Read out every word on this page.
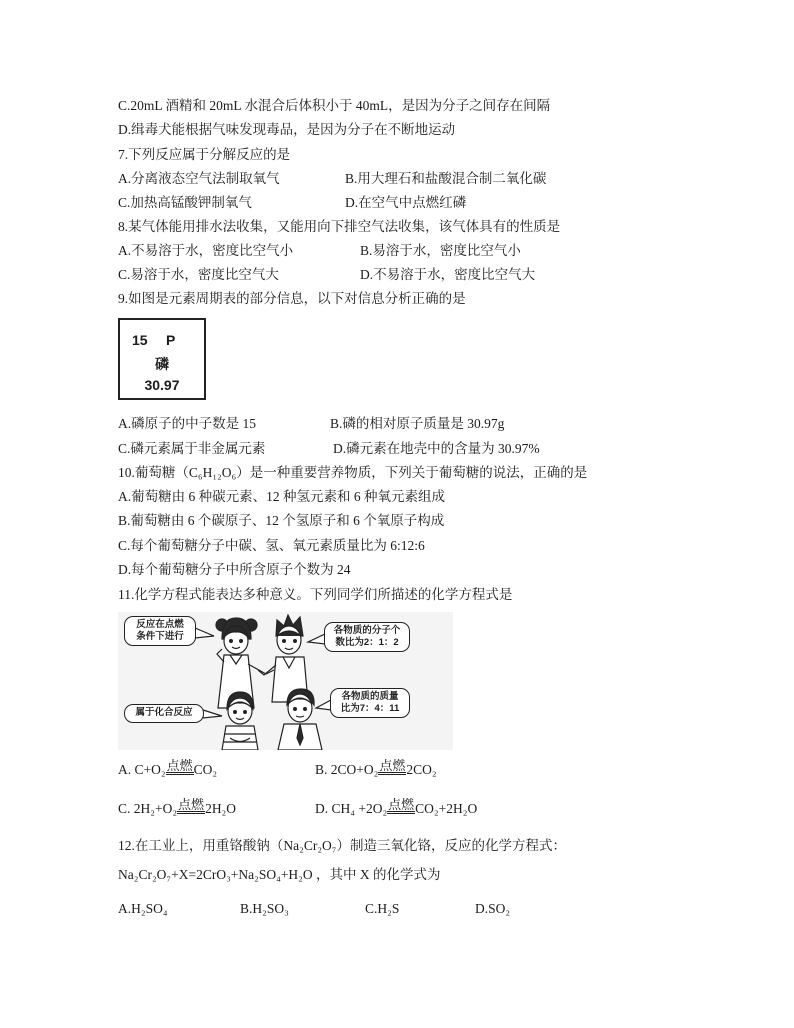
C.20mL 酒精和 20mL 水混合后体积小于 40mL，是因为分子之间存在间隔
D.缉毒犬能根据气味发现毒品，是因为分子在不断地运动
7.下列反应属于分解反应的是
A.分离液态空气法制取氧气	B.用大理石和盐酸混合制二氧化碳
C.加热高锰酸钾制氧气	D.在空气中点燃红磷
8.某气体能用排水法收集，又能用向下排空气法收集，该气体具有的性质是
A.不易溶于水，密度比空气小	B.易溶于水，密度比空气小
C.易溶于水，密度比空气大	D.不易溶于水，密度比空气大
9.如图是元素周期表的部分信息，以下对信息分析正确的是
15 P
磷
30.97
A.磷原子的中子数是 15	B.磷的相对原子质量是 30.97g
C.磷元素属于非金属元素	D.磷元素在地壳中的含量为 30.97%
10.葡萄糖（C₆H₁₂O₆）是一种重要营养物质，下列关于葡萄糖的说法，正确的是
A.葡萄糖由 6 种碳元素、12 种氢元素和 6 种氧元素组成
B.葡萄糖由 6 个碳原子、12 个氢原子和 6 个氧原子构成
C.每个葡萄糖分子中碳、氢、氧元素质量比为 6:12:6
D.每个葡萄糖分子中所含原子个数为 24
11.化学方程式能表达多种意义。下列同学们所描述的化学方程式是
反应在点燃
条件下进行
各物质的分子个
数比为2：1：2
属于化合反应
各物质的质量
比为7：4：11
A. C+O₂点燃CO₂	B. 2CO+O₂点燃2CO₂
C. 2H₂+O₂点燃2H₂O	D. CH₄ +2O₂点燃CO₂+2H₂O
12.在工业上，用重铬酸钠（Na₂Cr₂O₇）制造三氧化铬，反应的化学方程式：
Na₂Cr₂O₇+X=2CrO₃+Na₂SO₄+H₂O ，其中 X 的化学式为
A.H₂SO₄	B.H₂SO₃	C.H₂S	D.SO₂
